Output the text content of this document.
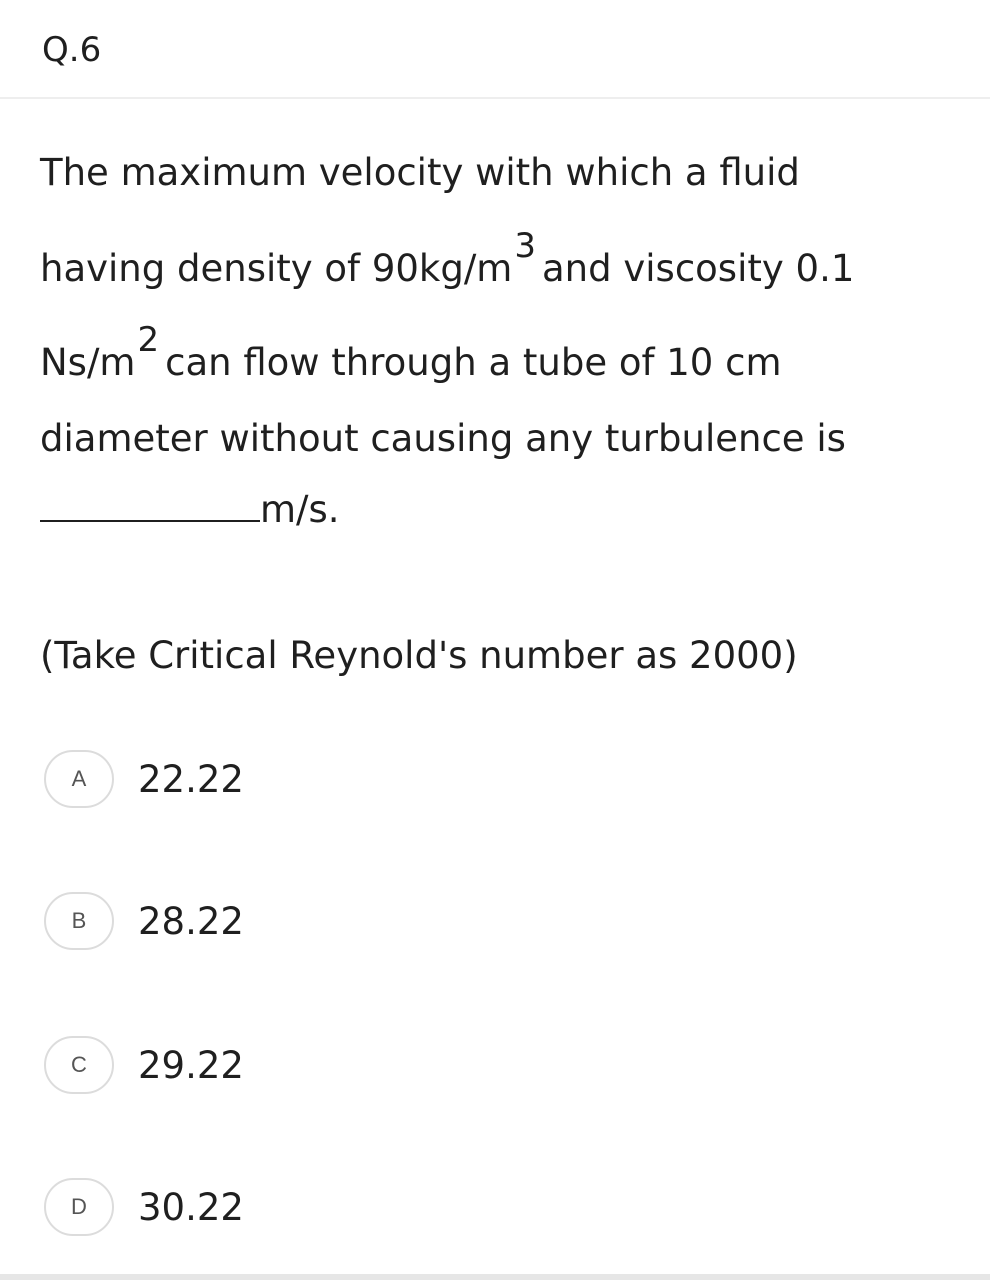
Q.6
The maximum velocity with which a fluid
having density of $90kg/m^3and$ viscosity 0.1
$Ns/m^2can$ flow through a tube of 10 cm
diameter without causing any turbulence is
m/s.
(Take Critical Reynold's number as 2000)
A	22.22
B	28.22
C	29.22
D	30.22
